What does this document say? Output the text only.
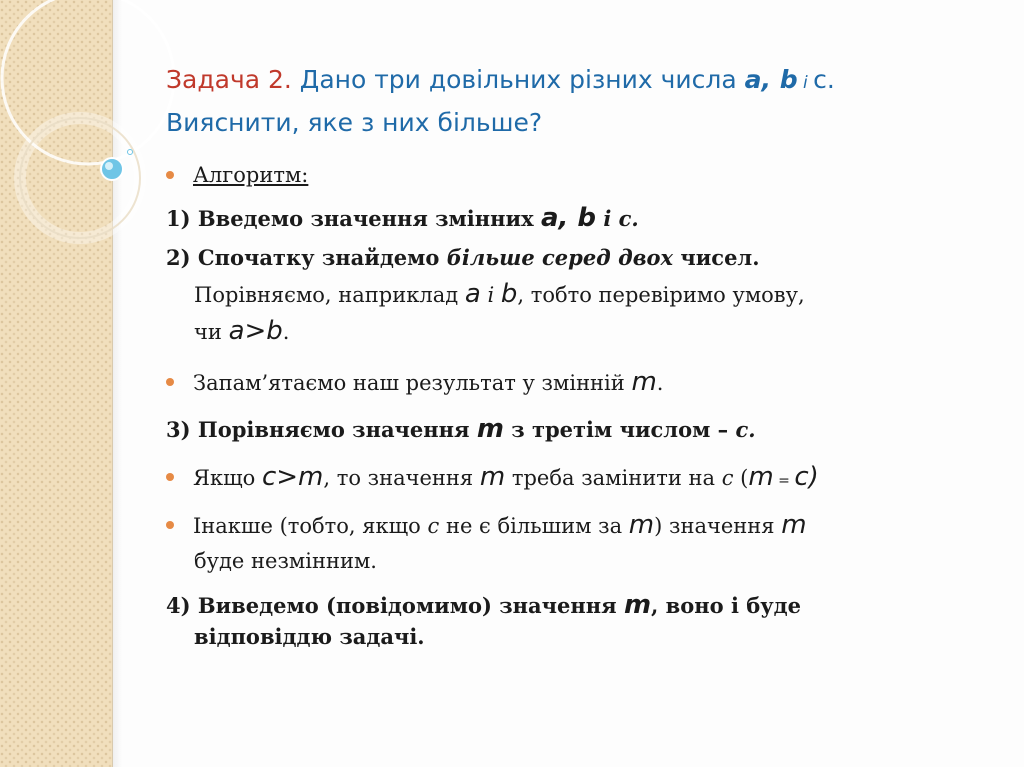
Задача 2. Дано три довільних різних числа a, b і с.
Вияснити, яке з них більше?
Алгоритм:
1) Введемо значення змінних a, b і с.
2) Спочатку знайдемо більше серед двох чисел.
Порівняємо, наприклад a і b, тобто перевіримо умову,
чи a>b.
Запам’ятаємо наш результат у змінній m.
3) Порівняємо значення m з третім числом – с.
Якщо c>m, то значення m треба замінити на с (m = c)
Інакше (тобто, якщо с не є більшим за m) значення m
буде незмінним.
4) Виведемо (повідомимо) значення m, воно і буде
відповіддю задачі.
